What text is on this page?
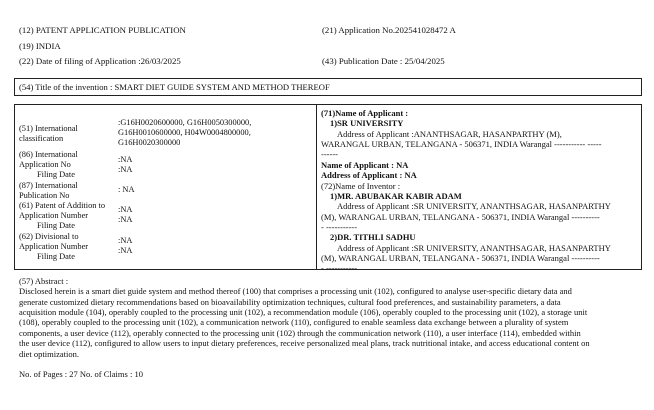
(12) PATENT APPLICATION PUBLICATION	(21) Application No.202541028472 A
(19) INDIA
(22) Date of filing of Application :26/03/2025	(43) Publication Date : 25/04/2025
(54) Title of the invention : SMART DIET GUIDE SYSTEM AND METHOD THEREOF
(51) International
classification
:G16H0020600000, G16H0050300000,
G16H0010600000, H04W0004800000,
G16H0020300000
(86) International
Application No
Filing Date
:NA
:NA
(87) International
Publication No
: NA
(61) Patent of Addition to
Application Number
Filing Date
:NA
:NA
(62) Divisional to
Application Number
Filing Date
:NA
:NA
(71)Name of Applicant :
1)SR UNIVERSITY
Address of Applicant :ANANTHSAGAR, HASANPARTHY (M),
WARANGAL URBAN, TELANGANA - 506371, INDIA Warangal ----------- -----
------
Name of Applicant : NA
Address of Applicant : NA
(72)Name of Inventor :
1)MR. ABUBAKAR KABIR ADAM
Address of Applicant :SR UNIVERSITY, ANANTHSAGAR, HASANPARTHY
(M), WARANGAL URBAN, TELANGANA - 506371, INDIA Warangal ----------
- -----------
2)DR. TITHLI SADHU
Address of Applicant :SR UNIVERSITY, ANANTHSAGAR, HASANPARTHY
(M), WARANGAL URBAN, TELANGANA - 506371, INDIA Warangal ----------
- -----------
(57) Abstract :
Disclosed herein is a smart diet guide system and method thereof (100) that comprises a processing unit (102), configured to analyse user-specific dietary data and
generate customized dietary recommendations based on bioavailability optimization techniques, cultural food preferences, and sustainability parameters, a data
acquisition module (104), operably coupled to the processing unit (102), a recommendation module (106), operably coupled to the processing unit (102), a storage unit
(108), operably coupled to the processing unit (102), a communication network (110), configured to enable seamless data exchange between a plurality of system
components, a user device (112), operably connected to the processing unit (102) through the communication network (110), a user interface (114), embedded within
the user device (112), configured to allow users to input dietary preferences, receive personalized meal plans, track nutritional intake, and access educational content on
diet optimization.
No. of Pages : 27 No. of Claims : 10
